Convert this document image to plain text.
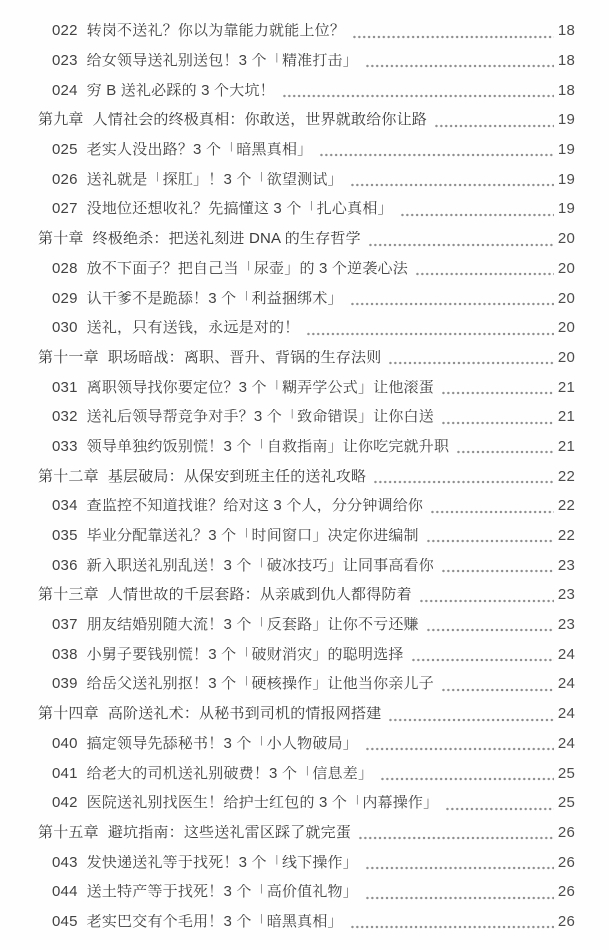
022 转岗不送礼？你以为靠能力就能上位？	18
023 给女领导送礼别送包！3 个「精准打击」	18
024 穷 B 送礼必踩的 3 个大坑！	18
第九章 人情社会的终极真相：你敢送，世界就敢给你让路	19
025 老实人没出路？3 个「暗黑真相」	19
026 送礼就是「探肛」！3 个「欲望测试」	19
027 没地位还想收礼？先搞懂这 3 个「扎心真相」	19
第十章 终极绝杀：把送礼刻进 DNA 的生存哲学	20
028 放不下面子？把自己当「尿壶」的 3 个逆袭心法	20
029 认干爹不是跪舔！3 个「利益捆绑术」	20
030 送礼，只有送钱，永远是对的！	20
第十一章 职场暗战：离职、晋升、背锅的生存法则	20
031 离职领导找你要定位？3 个「糊弄学公式」让他滚蛋	21
032 送礼后领导帮竞争对手？3 个「致命错误」让你白送	21
033 领导单独约饭别慌！3 个「自救指南」让你吃完就升职	21
第十二章 基层破局：从保安到班主任的送礼攻略	22
034 查监控不知道找谁？给对这 3 个人，分分钟调给你	22
035 毕业分配靠送礼？3 个「时间窗口」决定你进编制	22
036 新入职送礼别乱送！3 个「破冰技巧」让同事高看你	23
第十三章 人情世故的千层套路：从亲戚到仇人都得防着	23
037 朋友结婚别随大流！3 个「反套路」让你不亏还赚	23
038 小舅子要钱别慌！3 个「破财消灾」的聪明选择	24
039 给岳父送礼别抠！3 个「硬核操作」让他当你亲儿子	24
第十四章 高阶送礼术：从秘书到司机的情报网搭建	24
040 搞定领导先舔秘书！3 个「小人物破局」	24
041 给老大的司机送礼别破费！3 个「信息差」	25
042 医院送礼别找医生！给护士红包的 3 个「内幕操作」	25
第十五章 避坑指南：这些送礼雷区踩了就完蛋	26
043 发快递送礼等于找死！3 个「线下操作」	26
044 送土特产等于找死！3 个「高价值礼物」	26
045 老实巴交有个毛用！3 个「暗黑真相」	26
